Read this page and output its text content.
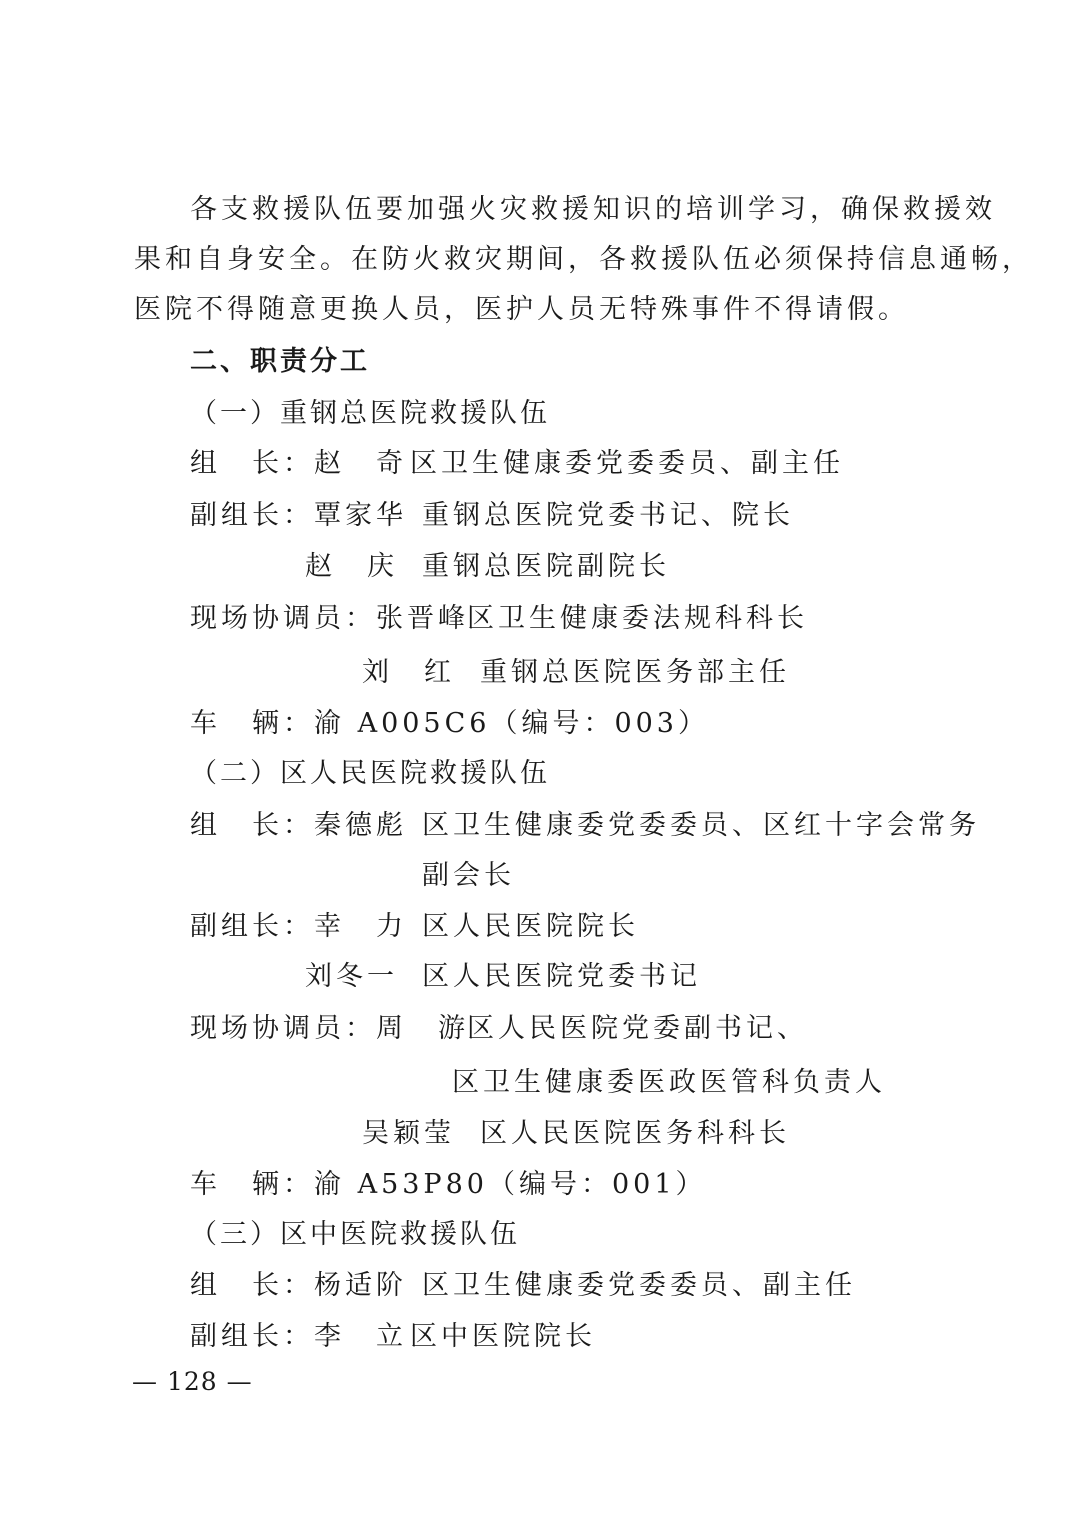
各支救援队伍要加强火灾救援知识的培训学习，确保救援效
果和自身安全。在防火救灾期间，各救援队伍必须保持信息通畅，
医院不得随意更换人员，医护人员无特殊事件不得请假。
二、职责分工
（一）重钢总医院救援队伍
组　长：赵　奇 区卫生健康委党委委员、副主任
副组长：覃家华 重钢总医院党委书记、院长
赵　庆 重钢总医院副院长
现场协调员：张晋峰
区卫生健康委法规科科长
刘　红 重钢总医院医务部主任
车　辆：渝 A005C6（编号：003）
（二）区人民医院救援队伍
组　长：秦德彪 区卫生健康委党委委员、区红十字会常务
副会长
副组长：幸　力 区人民医院院长
刘冬一 区人民医院党委书记
现场协调员：周　游
区人民医院党委副书记、
区卫生健康委医政医管科负责人
吴颖莹 区人民医院医务科科长
车　辆：渝 A53P80（编号：001）
（三）区中医院救援队伍
组　长：杨适阶 区卫生健康委党委委员、副主任
副组长：李　立 区中医院院长
— 128 —
